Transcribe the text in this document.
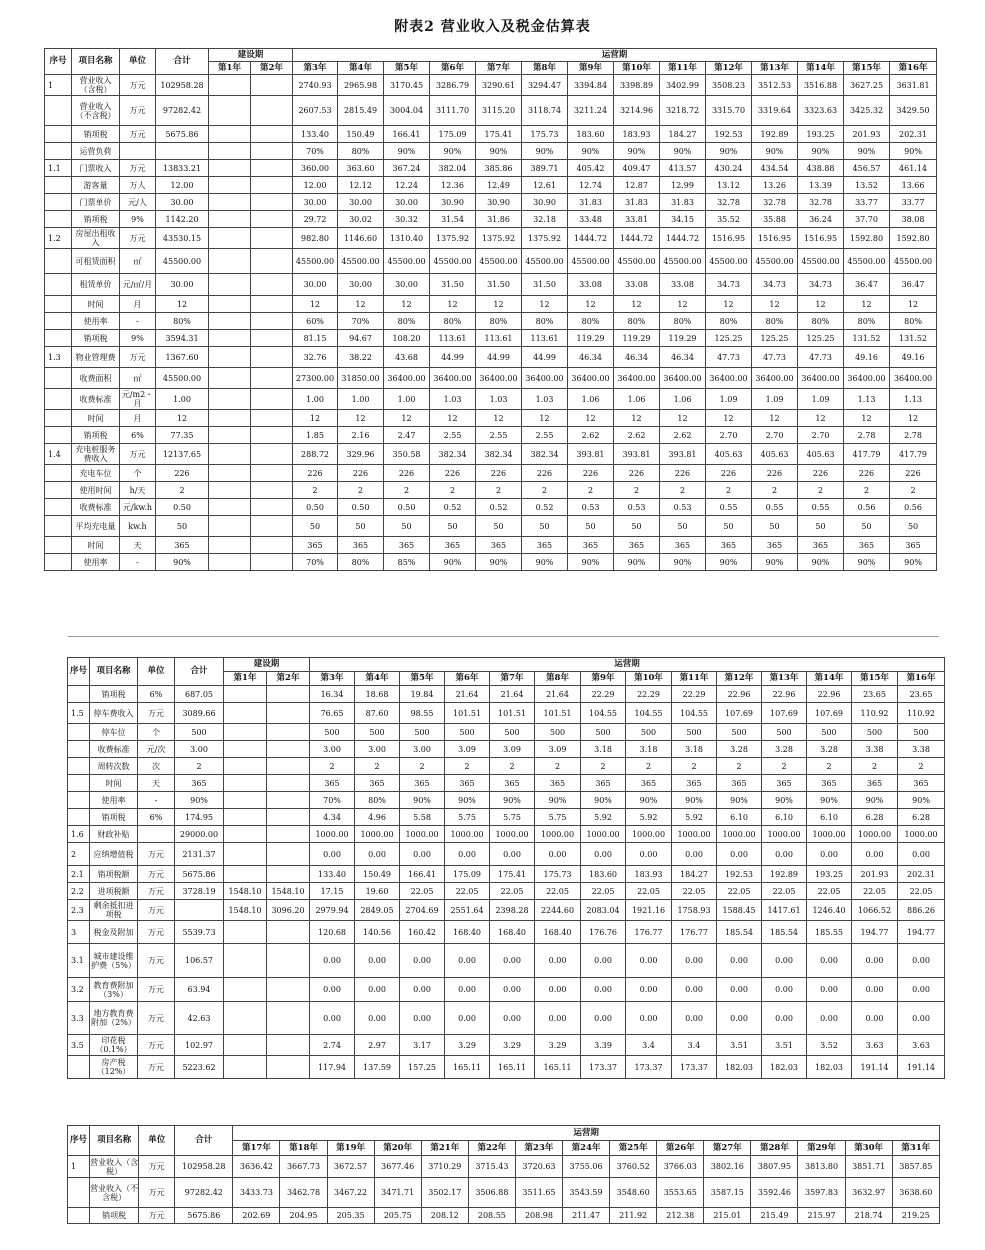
附表2 营业收入及税金估算表
序号	项目名称	单位	合计	建设期		运营期													
				第1年	第2年	第3年	第4年	第5年	第6年	第7年	第8年	第9年	第10年	第11年	第12年	第13年	第14年	第15年	第16年
1	营业收入（含税）	万元	102958.28			2740.93	2965.98	3170.45	3286.79	3290.61	3294.47	3394.84	3398.89	3402.99	3508.23	3512.53	3516.88	3627.25	3631.81
	营业收入（不含税）	万元	97282.42			2607.53	2815.49	3004.04	3111.70	3115.20	3118.74	3211.24	3214.96	3218.72	3315.70	3319.64	3323.63	3425.32	3429.50
	销项税	万元	5675.86			133.40	150.49	166.41	175.09	175.41	175.73	183.60	183.93	184.27	192.53	192.89	193.25	201.93	202.31
	运营负荷					70%	80%	90%	90%	90%	90%	90%	90%	90%	90%	90%	90%	90%	90%
1.1	门票收入	万元	13833.21			360.00	363.60	367.24	382.04	385.86	389.71	405.42	409.47	413.57	430.24	434.54	438.88	456.57	461.14
	游客量	万人	12.00			12.00	12.12	12.24	12.36	12.49	12.61	12.74	12.87	12.99	13.12	13.26	13.39	13.52	13.66
	门票单价	元/人	30.00			30.00	30.00	30.00	30.90	30.90	30.90	31.83	31.83	31.83	32.78	32.78	32.78	33.77	33.77
	销项税	9%	1142.20			29.72	30.02	30.32	31.54	31.86	32.18	33.48	33.81	34.15	35.52	35.88	36.24	37.70	38.08
1.2	房屋出租收入	万元	43530.15			982.80	1146.60	1310.40	1375.92	1375.92	1375.92	1444.72	1444.72	1444.72	1516.95	1516.95	1516.95	1592.80	1592.80
	可租赁面积	㎡	45500.00			45500.00	45500.00	45500.00	45500.00	45500.00	45500.00	45500.00	45500.00	45500.00	45500.00	45500.00	45500.00	45500.00	45500.00
	租赁单价	元/㎡/月	30.00			30.00	30.00	30.00	31.50	31.50	31.50	33.08	33.08	33.08	34.73	34.73	34.73	36.47	36.47
	时间	月	12			12	12	12	12	12	12	12	12	12	12	12	12	12	12
	使用率	-	80%			60%	70%	80%	80%	80%	80%	80%	80%	80%	80%	80%	80%	80%	80%
	销项税	9%	3594.31			81.15	94.67	108.20	113.61	113.61	113.61	119.29	119.29	119.29	125.25	125.25	125.25	131.52	131.52
1.3	物业管理费	万元	1367.60			32.76	38.22	43.68	44.99	44.99	44.99	46.34	46.34	46.34	47.73	47.73	47.73	49.16	49.16
	收费面积	㎡	45500.00			27300.00	31850.00	36400.00	36400.00	36400.00	36400.00	36400.00	36400.00	36400.00	36400.00	36400.00	36400.00	36400.00	36400.00
	收费标准	元/m2・月	1.00			1.00	1.00	1.00	1.03	1.03	1.03	1.06	1.06	1.06	1.09	1.09	1.09	1.13	1.13
	时间	月	12			12	12	12	12	12	12	12	12	12	12	12	12	12	12
	销项税	6%	77.35			1.85	2.16	2.47	2.55	2.55	2.55	2.62	2.62	2.62	2.70	2.70	2.70	2.78	2.78
1.4	充电桩服务费收入	万元	12137.65			288.72	329.96	350.58	382.34	382.34	382.34	393.81	393.81	393.81	405.63	405.63	405.63	417.79	417.79
	充电车位	个	226			226	226	226	226	226	226	226	226	226	226	226	226	226	226
	使用时间	h/天	2			2	2	2	2	2	2	2	2	2	2	2	2	2	2
	收费标准	元/kw.h	0.50			0.50	0.50	0.50	0.52	0.52	0.52	0.53	0.53	0.53	0.55	0.55	0.55	0.56	0.56
	平均充电量	kw.h	50			50	50	50	50	50	50	50	50	50	50	50	50	50	50
	时间	天	365			365	365	365	365	365	365	365	365	365	365	365	365	365	365
	使用率	-	90%			70%	80%	85%	90%	90%	90%	90%	90%	90%	90%	90%	90%	90%	90%
序号	项目名称	单位	合计	建设期		运营期													
				第1年	第2年	第3年	第4年	第5年	第6年	第7年	第8年	第9年	第10年	第11年	第12年	第13年	第14年	第15年	第16年
	销项税	6%	687.05			16.34	18.68	19.84	21.64	21.64	21.64	22.29	22.29	22.29	22.96	22.96	22.96	23.65	23.65
1.5	停车费收入	万元	3089.66			76.65	87.60	98.55	101.51	101.51	101.51	104.55	104.55	104.55	107.69	107.69	107.69	110.92	110.92
	停车位	个	500			500	500	500	500	500	500	500	500	500	500	500	500	500	500
	收费标准	元/次	3.00			3.00	3.00	3.00	3.09	3.09	3.09	3.18	3.18	3.18	3.28	3.28	3.28	3.38	3.38
	周转次数	次	2			2	2	2	2	2	2	2	2	2	2	2	2	2	2
	时间	天	365			365	365	365	365	365	365	365	365	365	365	365	365	365	365
	使用率	-	90%			70%	80%	90%	90%	90%	90%	90%	90%	90%	90%	90%	90%	90%	90%
	销项税	6%	174.95			4.34	4.96	5.58	5.75	5.75	5.75	5.92	5.92	5.92	6.10	6.10	6.10	6.28	6.28
1.6	财政补贴		29000.00			1000.00	1000.00	1000.00	1000.00	1000.00	1000.00	1000.00	1000.00	1000.00	1000.00	1000.00	1000.00	1000.00	1000.00
2	应纳增值税	万元	2131.37			0.00	0.00	0.00	0.00	0.00	0.00	0.00	0.00	0.00	0.00	0.00	0.00	0.00	0.00
2.1	销项税额	万元	5675.86			133.40	150.49	166.41	175.09	175.41	175.73	183.60	183.93	184.27	192.53	192.89	193.25	201.93	202.31
2.2	进项税额	万元	3728.19	1548.10	1548.10	17.15	19.60	22.05	22.05	22.05	22.05	22.05	22.05	22.05	22.05	22.05	22.05	22.05	22.05
2.3	剩余抵扣进项税	万元		1548.10	3096.20	2979.94	2849.05	2704.69	2551.64	2398.28	2244.60	2083.04	1921.16	1758.93	1588.45	1417.61	1246.40	1066.52	886.26
3	税金及附加	万元	5539.73			120.68	140.56	160.42	168.40	168.40	168.40	176.76	176.77	176.77	185.54	185.54	185.55	194.77	194.77
3.1	城市建设维护费（5%）	万元	106.57			0.00	0.00	0.00	0.00	0.00	0.00	0.00	0.00	0.00	0.00	0.00	0.00	0.00	0.00
3.2	教育费附加（3%）	万元	63.94			0.00	0.00	0.00	0.00	0.00	0.00	0.00	0.00	0.00	0.00	0.00	0.00	0.00	0.00
3.3	地方教育费附加（2%）	万元	42.63			0.00	0.00	0.00	0.00	0.00	0.00	0.00	0.00	0.00	0.00	0.00	0.00	0.00	0.00
3.5	印花税（0.1%）	万元	102.97			2.74	2.97	3.17	3.29	3.29	3.29	3.39	3.4	3.4	3.51	3.51	3.52	3.63	3.63
	房产税（12%）	万元	5223.62			117.94	137.59	157.25	165.11	165.11	165.11	173.37	173.37	173.37	182.03	182.03	182.03	191.14	191.14
序号	项目名称	单位	合计	运营期														
				第17年	第18年	第19年	第20年	第21年	第22年	第23年	第24年	第25年	第26年	第27年	第28年	第29年	第30年	第31年
1	营业收入（含税）	万元	102958.28	3636.42	3667.73	3672.57	3677.46	3710.29	3715.43	3720.63	3755.06	3760.52	3766.03	3802.16	3807.95	3813.80	3851.71	3857.85
	营业收入（不含税）	万元	97282.42	3433.73	3462.78	3467.22	3471.71	3502.17	3506.88	3511.65	3543.59	3548.60	3553.65	3587.15	3592.46	3597.83	3632.97	3638.60
	销项税	万元	5675.86	202.69	204.95	205.35	205.75	208.12	208.55	208.98	211.47	211.92	212.38	215.01	215.49	215.97	218.74	219.25
